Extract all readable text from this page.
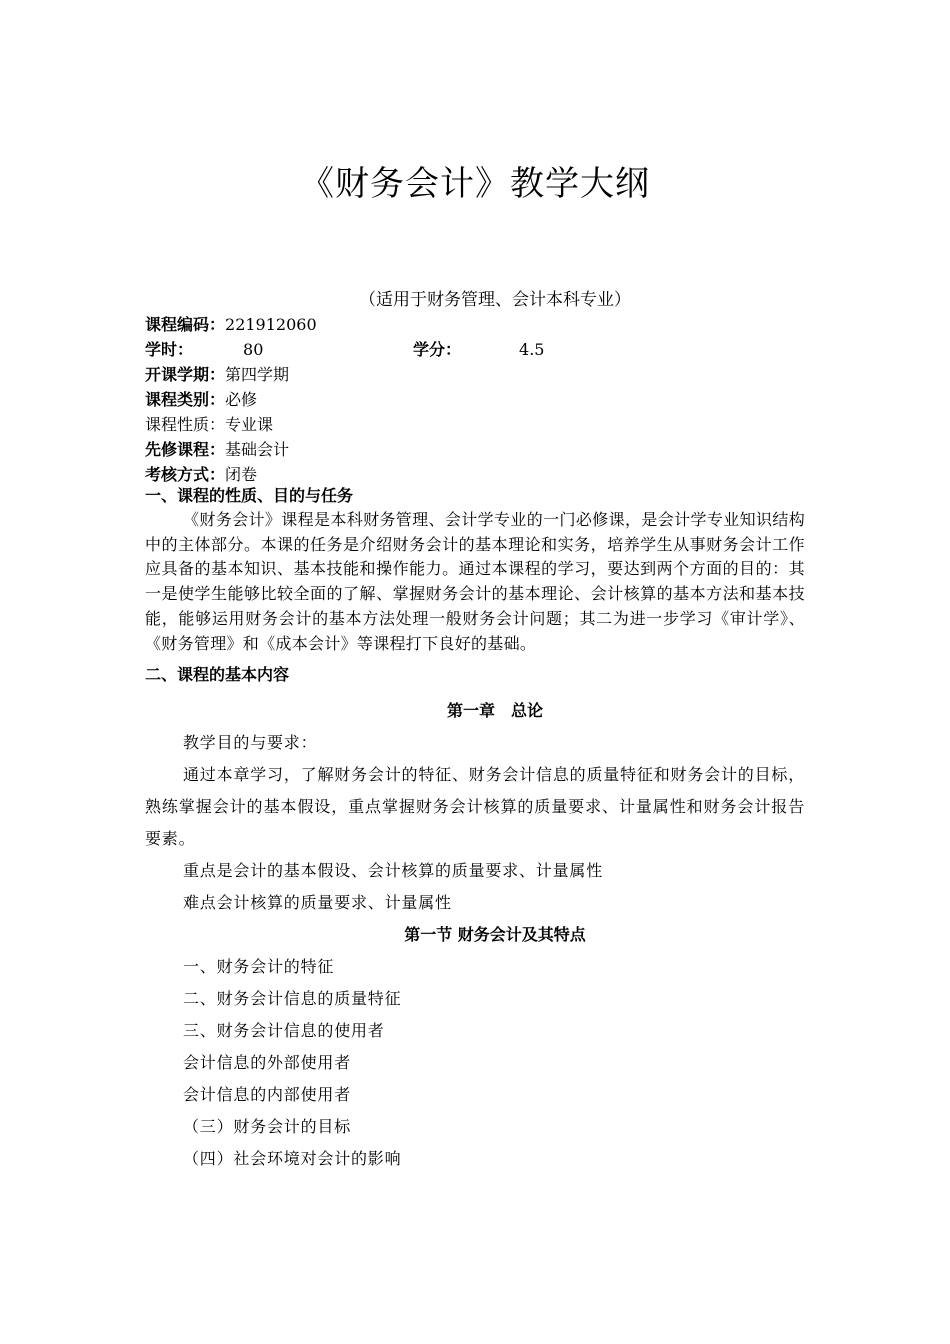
《财务会计》教学大纲
（适用于财务管理、会计本科专业）
课程编码：221912060
学时：	80	学分：	4.5
开课学期：第四学期
课程类别：必修
课程性质：专业课
先修课程：基础会计
考核方式：闭卷
一、课程的性质、目的与任务

《财务会计》课程是本科财务管理、会计学专业的一门必修课，是会计学专业知识结构中的主体部分。本课的任务是介绍财务会计的基本理论和实务，培养学生从事财务会计工作应具备的基本知识、基本技能和操作能力。通过本课程的学习，要达到两个方面的目的：其一是使学生能够比较全面的了解、掌握财务会计的基本理论、会计核算的基本方法和基本技能，能够运用财务会计的基本方法处理一般财务会计问题；其二为进一步学习《审计学》、《财务管理》和《成本会计》等课程打下良好的基础。

二、课程的基本内容
第一章　总论
教学目的与要求：

通过本章学习，了解财务会计的特征、财务会计信息的质量特征和财务会计的目标，熟练掌握会计的基本假设，重点掌握财务会计核算的质量要求、计量属性和财务会计报告要素。

重点是会计的基本假设、会计核算的质量要求、计量属性
难点会计核算的质量要求、计量属性
第一节 财务会计及其特点
一、财务会计的特征
二、财务会计信息的质量特征
三、财务会计信息的使用者
会计信息的外部使用者
会计信息的内部使用者
（三）财务会计的目标
（四）社会环境对会计的影响
